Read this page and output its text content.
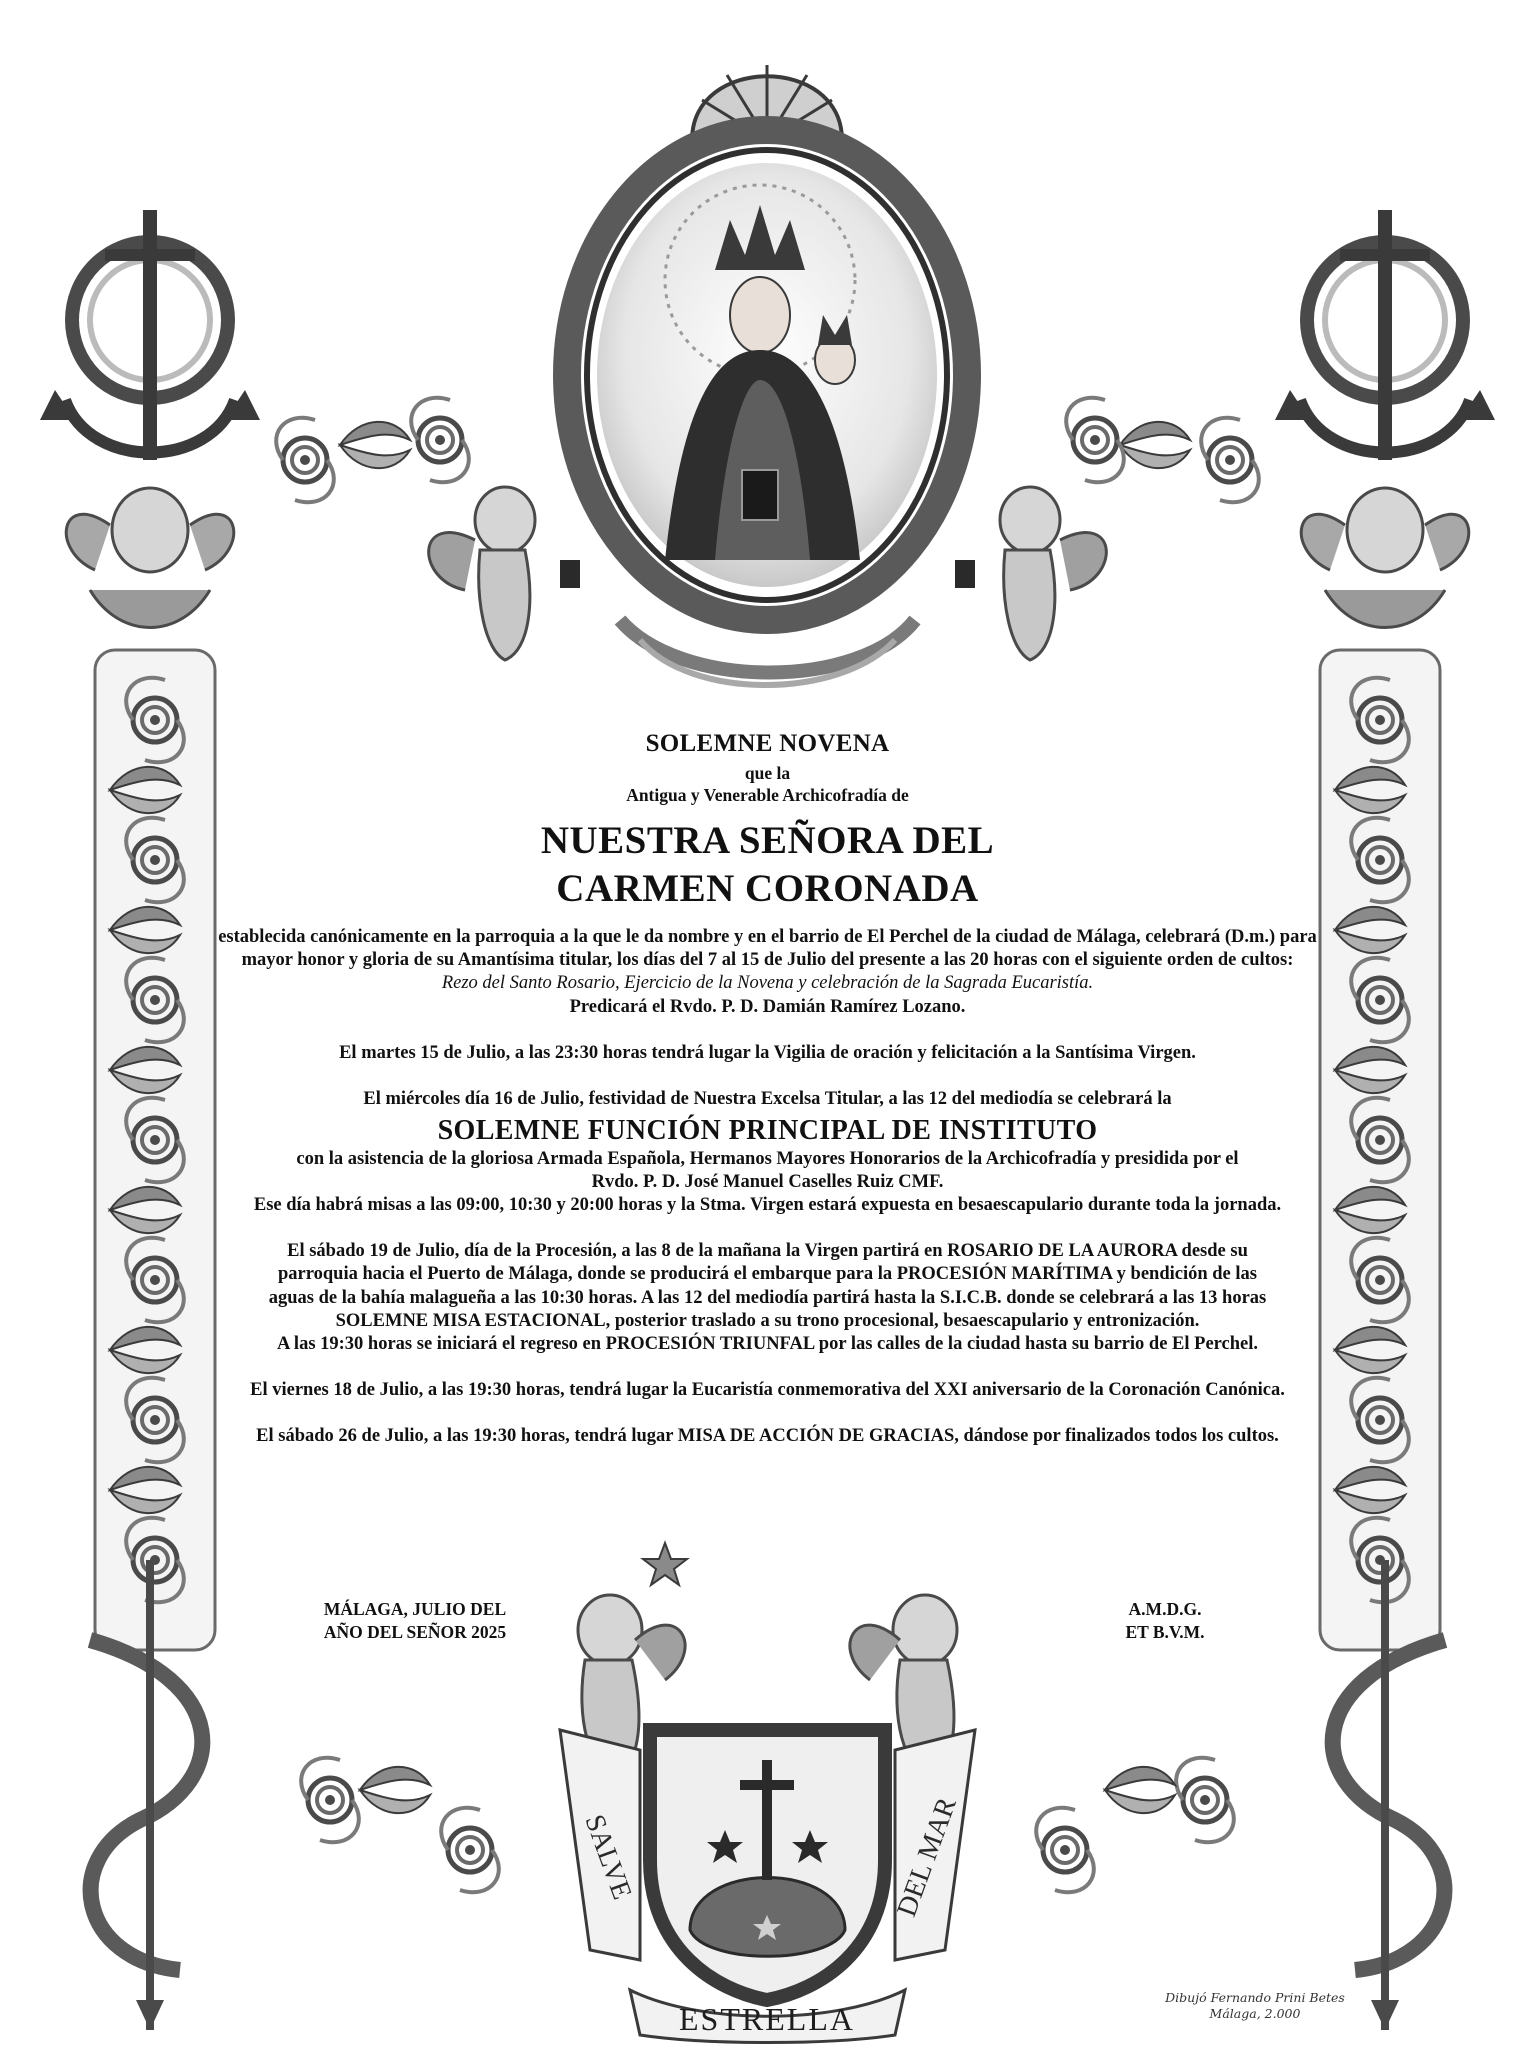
SALVE	DEL MAR
ESTRELLA
SOLEMNE NOVENA

que la

Antigua y Venerable Archicofradía de

NUESTRA SEÑORA DEL

CARMEN CORONADA

establecida canónicamente en la parroquia a la que le da nombre y en el barrio de El Perchel de la ciudad de Málaga, celebrará (D.m.) para mayor honor y gloria de su Amantísima titular, los días del 7 al 15 de Julio del presente a las 20 horas con el siguiente orden de cultos:

Rezo del Santo Rosario, Ejercicio de la Novena y celebración de la Sagrada Eucaristía.

Predicará el Rvdo. P. D. Damián Ramírez Lozano.

El martes 15 de Julio, a las 23:30 horas tendrá lugar la Vigilia de oración y felicitación a la Santísima Virgen.

El miércoles día 16 de Julio, festividad de Nuestra Excelsa Titular, a las 12 del mediodía se celebrará la

SOLEMNE FUNCIÓN PRINCIPAL DE INSTITUTO

con la asistencia de la gloriosa Armada Española, Hermanos Mayores Honorarios de la Archicofradía y presidida por el

Rvdo. P. D. José Manuel Caselles Ruiz CMF.

Ese día habrá misas a las 09:00, 10:30 y 20:00 horas y la Stma. Virgen estará expuesta en besaescapulario durante toda la jornada.

El sábado 19 de Julio, día de la Procesión, a las 8 de la mañana la Virgen partirá en ROSARIO DE LA AURORA desde su

parroquia hacia el Puerto de Málaga, donde se producirá el embarque para la PROCESIÓN MARÍTIMA y bendición de las

aguas de la bahía malagueña a las 10:30 horas. A las 12 del mediodía partirá hasta la S.I.C.B. donde se celebrará a las 13 horas

SOLEMNE MISA ESTACIONAL, posterior traslado a su trono procesional, besaescapulario y entronización.

A las 19:30 horas se iniciará el regreso en PROCESIÓN TRIUNFAL por las calles de la ciudad hasta su barrio de El Perchel.

El viernes 18 de Julio, a las 19:30 horas, tendrá lugar la Eucaristía conmemorativa del XXI aniversario de la Coronación Canónica.

El sábado 26 de Julio, a las 19:30 horas, tendrá lugar MISA DE ACCIÓN DE GRACIAS, dándose por finalizados todos los cultos.

MÁLAGA, JULIO DEL
AÑO DEL SEÑOR 2025
A.M.D.G.
ET B.V.M.
Dibujó Fernando Prini Betes
Málaga, 2.000
